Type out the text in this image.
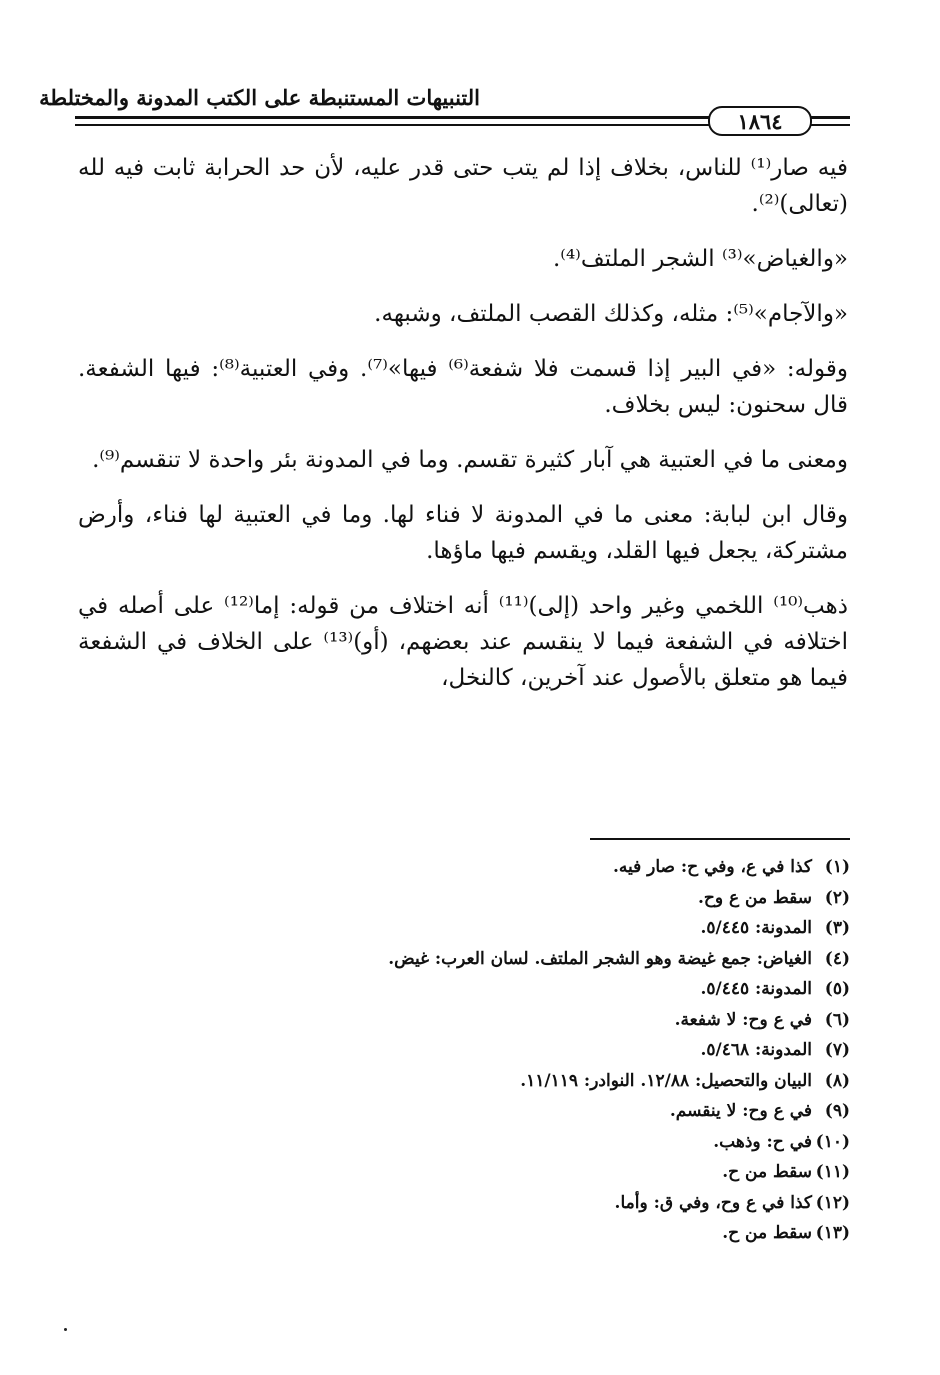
التنبيهات المستنبطة على الكتب المدونة والمختلطة
١٨٦٤

فيه صار⁽¹⁾ للناس، بخلاف إذا لم يتب حتى قدر عليه، لأن حد الحرابة ثابت فيه لله (تعالى)⁽²⁾.

«والغياض»⁽³⁾ الشجر الملتف⁽⁴⁾.

«والآجام»⁽⁵⁾: مثله، وكذلك القصب الملتف، وشبهه.

وقوله: «في البير إذا قسمت فلا شفعة⁽⁶⁾ فيها»⁽⁷⁾. وفي العتبية⁽⁸⁾: فيها الشفعة. قال سحنون: ليس بخلاف.

ومعنى ما في العتبية هي آبار كثيرة تقسم. وما في المدونة بئر واحدة لا تنقسم⁽⁹⁾.

وقال ابن لبابة: معنى ما في المدونة لا فناء لها. وما في العتبية لها فناء، وأرض مشتركة، يجعل فيها القلد، ويقسم فيها ماؤها.

ذهب⁽¹⁰⁾ اللخمي وغير واحد (إلى)⁽¹¹⁾ أنه اختلاف من قوله: إما⁽¹²⁾ على أصله في اختلافه في الشفعة فيما لا ينقسم عند بعضهم، (أو)⁽¹³⁾ على الخلاف في الشفعة فيما هو متعلق بالأصول عند آخرين، كالنخل،

(١)
كذا في ع، وفي ح: صار فيه.
(٢)
سقط من ع وح.
(٣)
المدونة: ٥/٤٤٥.
(٤)
الغياض: جمع غيضة وهو الشجر الملتف. لسان العرب: غيض.
(٥)
المدونة: ٥/٤٤٥.
(٦)
في ع وح: لا شفعة.
(٧)
المدونة: ٥/٤٦٨.
(٨)
البيان والتحصيل: ١٢/٨٨. النوادر: ١١/١١٩.
(٩)
في ع وح: لا ينقسم.
(١٠)
في ح: وذهب.
(١١)
سقط من ح.
(١٢)
كذا في ع وح، وفي ق: وأما.
(١٣)
سقط من ح.
